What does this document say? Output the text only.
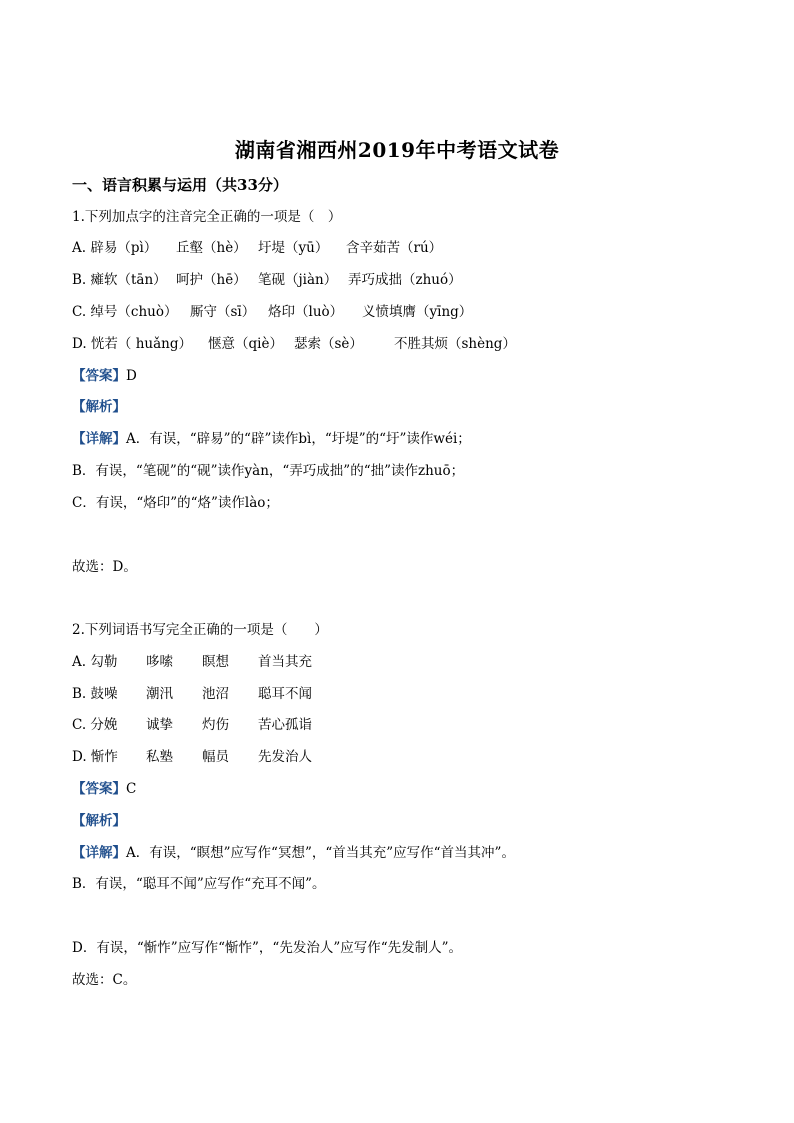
湖南省湘西州2019年中考语文试卷
一、语言积累与运用（共33分）
1.下列加点字的注音完全正确的一项是（　）
A. 辟易（pì） 丘壑（hè） 圩堤（yū） 含辛茹苦（rú）
B. 瘫软（tān） 呵护（hē） 笔砚（jiàn） 弄巧成拙（zhuó）
C. 绰号（chuò） 厮守（sī） 烙印（luò） 义愤填膺（yīng）
D. 恍若（ huǎng） 惬意（qiè） 瑟索（sè） 不胜其烦（shèng）
【答案】D
【解析】
【详解】A．有误，“辟易”的“辟”读作bì，“圩堤”的“圩”读作wéi；
B．有误，“笔砚”的“砚”读作yàn，“弄巧成拙”的“拙”读作zhuō；
C．有误，“烙印”的“烙”读作lào；
故选：D。
2.下列词语书写完全正确的一项是（　　）
A. 勾勒 哆嗦 瞑想 首当其充
B. 鼓噪 潮汛 池沼 聪耳不闻
C. 分娩 诚挚 灼伤 苦心孤诣
D. 惭怍 私塾 幅员 先发治人
【答案】C
【解析】
【详解】A．有误，“瞑想”应写作“冥想”，“首当其充”应写作“首当其冲”。
B．有误，“聪耳不闻”应写作“充耳不闻”。
D．有误，“惭怍”应写作“惭怍”，“先发治人”应写作“先发制人”。
故选：C。
